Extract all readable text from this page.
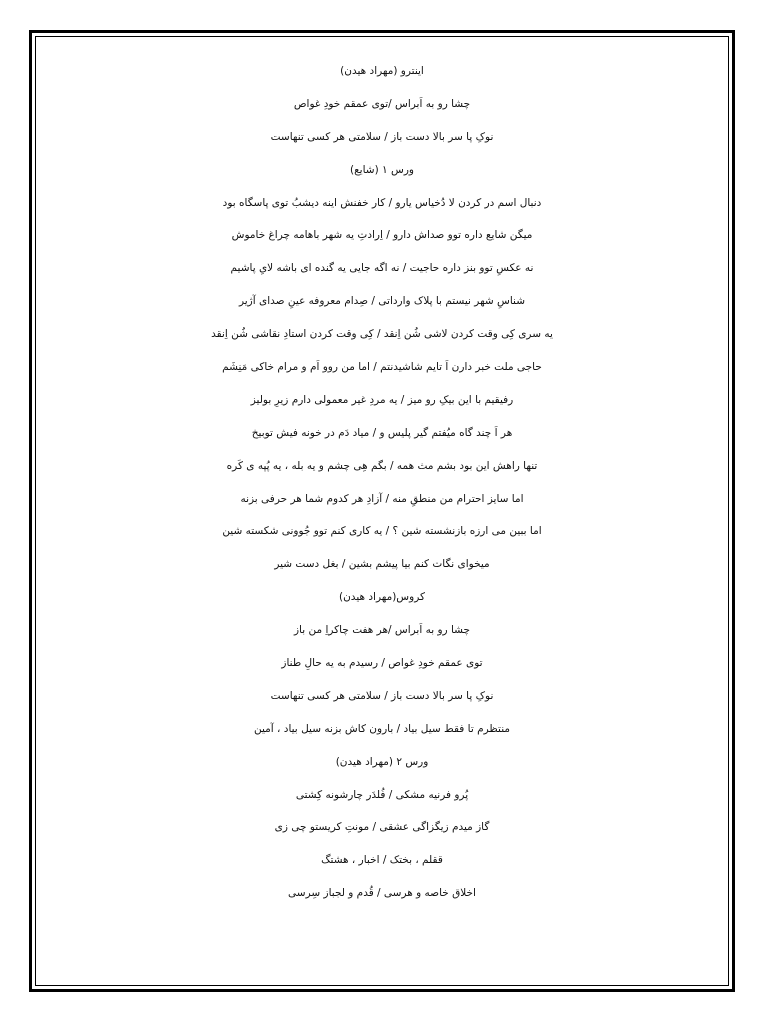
اینترو (مهراد هیدن)
چشا رو به اَبراس /توی عمقم خودِ غواص
نوکِ پا سر بالا دست باز / سلامتی هر کسی تنهاست
ورس ۱ (شایع)
دنبال اسم در کردن لا دُخیاس یارو / کار خفنش اینه دیشبُ توی پاسگاه بود
میگن شایع داره توو صداش دارو / اِرادتِ یه شهر باهامه چراغ خاموش
نه عکسِ توو بنز داره حاجیت / نه اگه جایی یه گنده ای باشه لایِ پاشیم
شناسِ شهر نیستم با پلاک وارداتی / صِدام معروفه عینِ صدای آژیر
یه سری کِی وقت کردن لاشی شُن اِنقد / کِی وقت کردن استادِ نقاشی شُن اِنقد
حاجی ملت خبر دارن اَ تایم شاشیدنتم / اما من روو اَم و مرام خاکی مَنِشَم
رفیقیم با این بیکِ رو میز / یه مردِ غیر معمولی دارم زیرِ بولیز
هر اَ چند گاه میُفتم گیر پلیس و / میاد دَم در خونه فیش توبیخ
تنها راهش این بود بشم مث همه / بگم هِی چشم و یه بله ، یه پُپه ی کَره
اما سایز احترام من منطقِ منه / آزادِ هر کدوم شما هر حرفی بزنه
اما ببین می ارزه بازنشسته شین ؟ / یه کاری کنم توو جُوونی شکسته شین
میخوای نگات کنم بیا پیشم بشین / بغل دست شیر
کروس(مهراد هیدن)
چشا رو به اَبراس /هر هفت چاکراِ من باز
توی عمقم خودِ غواص / رسیدم به یه حالِ طناز
نوکِ پا سر بالا دست باز / سلامتی هر کسی تنهاست
منتظرم تا فقط سیل بیاد / بارون کاش بزنه سیل بیاد ، آمین
ورس ۲ (مهراد هیدن)
پُرو فرنیه مشکی / فُلدَر چارشونه کِشتی
گاز میدم زیگزاگی عشقی / مونتِ کریستو چی زی
ققلم ، بختک / اخبار ، هشتگ
اخلاق خاصه و هرسی / قُدم و لجباز سِرسی
